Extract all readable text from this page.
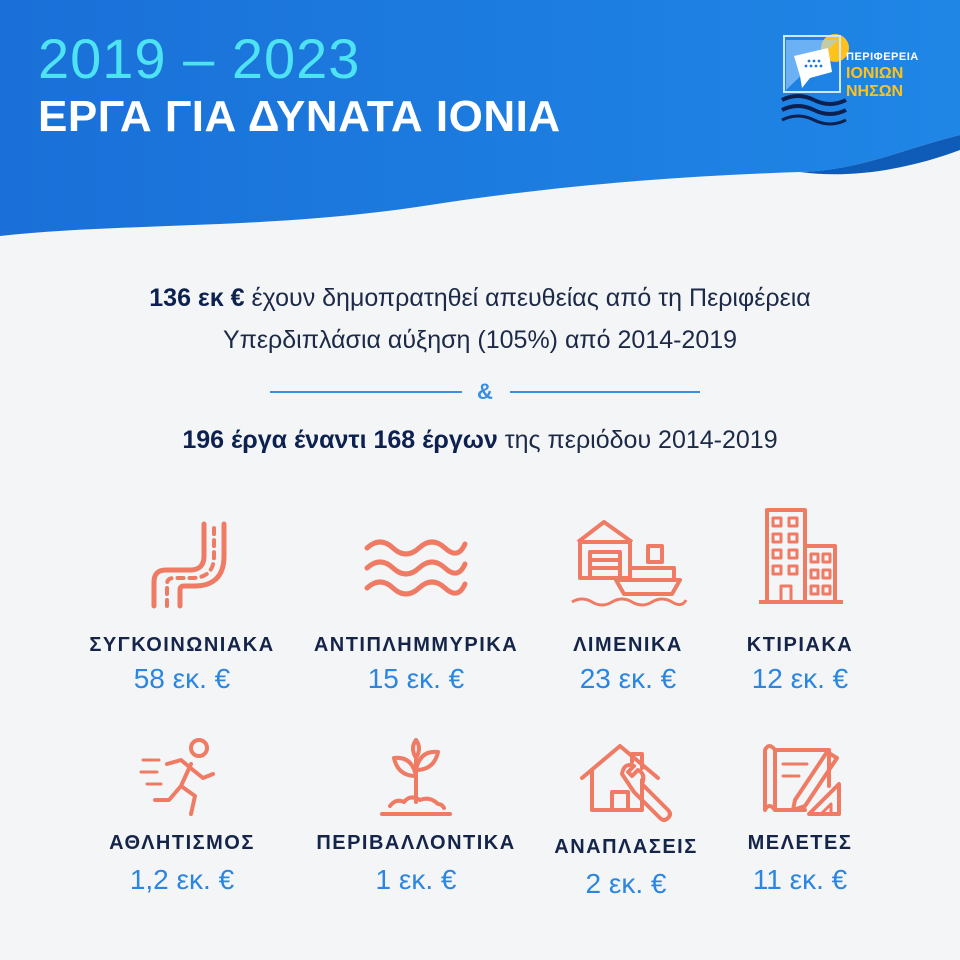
2019 – 2023
ΕΡΓΑ ΓΙΑ ΔΥΝΑΤΑ ΙΟΝΙΑ
ΠΕΡΙΦΕΡΕΙΑ
ΙΟΝΙΩΝ
ΝΗΣΩΝ
136 εκ € έχουν δημοπρατηθεί απευθείας από τη Περιφέρεια
Υπερδιπλάσια αύξηση (105%) από 2014-2019
&
196 έργα έναντι 168 έργων της περιόδου 2014-2019
ΣΥΓΚΟΙΝΩΝΙΑΚΑ
58 εκ. €
ΑΝΤΙΠΛΗΜΜΥΡΙΚΑ
15 εκ. €
ΛΙΜΕΝΙΚΑ
23 εκ. €
ΚΤΙΡΙΑΚΑ
12 εκ. €
ΑΘΛΗΤΙΣΜΟΣ
1,2 εκ. €
ΠΕΡΙΒΑΛΛΟΝΤΙΚΑ
1 εκ. €
ΑΝΑΠΛΑΣΕΙΣ
2 εκ. €
ΜΕΛΕΤΕΣ
11 εκ. €
